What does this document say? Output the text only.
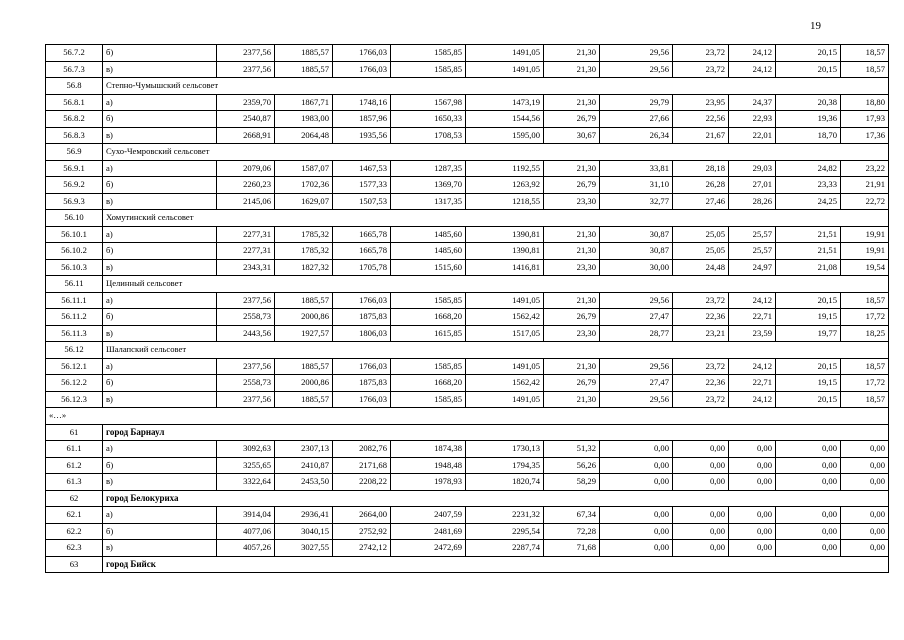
19
56.7.2	б)	2377,56	1885,57	1766,03	1585,85	1491,05	21,30	29,56	23,72	24,12	20,15	18,57
56.7.3	в)	2377,56	1885,57	1766,03	1585,85	1491,05	21,30	29,56	23,72	24,12	20,15	18,57
56.8	Степно-Чумышский сельсовет											
56.8.1	а)	2359,70	1867,71	1748,16	1567,98	1473,19	21,30	29,79	23,95	24,37	20,38	18,80
56.8.2	б)	2540,87	1983,00	1857,96	1650,33	1544,56	26,79	27,66	22,56	22,93	19,36	17,93
56.8.3	в)	2668,91	2064,48	1935,56	1708,53	1595,00	30,67	26,34	21,67	22,01	18,70	17,36
56.9	Сухо-Чемровский сельсовет											
56.9.1	а)	2079,06	1587,07	1467,53	1287,35	1192,55	21,30	33,81	28,18	29,03	24,82	23,22
56.9.2	б)	2260,23	1702,36	1577,33	1369,70	1263,92	26,79	31,10	26,28	27,01	23,33	21,91
56.9.3	в)	2145,06	1629,07	1507,53	1317,35	1218,55	23,30	32,77	27,46	28,26	24,25	22,72
56.10	Хомутинский сельсовет											
56.10.1	а)	2277,31	1785,32	1665,78	1485,60	1390,81	21,30	30,87	25,05	25,57	21,51	19,91
56.10.2	б)	2277,31	1785,32	1665,78	1485,60	1390,81	21,30	30,87	25,05	25,57	21,51	19,91
56.10.3	в)	2343,31	1827,32	1705,78	1515,60	1416,81	23,30	30,00	24,48	24,97	21,08	19,54
56.11	Целинный сельсовет											
56.11.1	а)	2377,56	1885,57	1766,03	1585,85	1491,05	21,30	29,56	23,72	24,12	20,15	18,57
56.11.2	б)	2558,73	2000,86	1875,83	1668,20	1562,42	26,79	27,47	22,36	22,71	19,15	17,72
56.11.3	в)	2443,56	1927,57	1806,03	1615,85	1517,05	23,30	28,77	23,21	23,59	19,77	18,25
56.12	Шалапский сельсовет											
56.12.1	а)	2377,56	1885,57	1766,03	1585,85	1491,05	21,30	29,56	23,72	24,12	20,15	18,57
56.12.2	б)	2558,73	2000,86	1875,83	1668,20	1562,42	26,79	27,47	22,36	22,71	19,15	17,72
56.12.3	в)	2377,56	1885,57	1766,03	1585,85	1491,05	21,30	29,56	23,72	24,12	20,15	18,57
«…»												
61	город Барнаул											
61.1	а)	3092,63	2307,13	2082,76	1874,38	1730,13	51,32	0,00	0,00	0,00	0,00	0,00
61.2	б)	3255,65	2410,87	2171,68	1948,48	1794,35	56,26	0,00	0,00	0,00	0,00	0,00
61.3	в)	3322,64	2453,50	2208,22	1978,93	1820,74	58,29	0,00	0,00	0,00	0,00	0,00
62	город Белокуриха											
62.1	а)	3914,04	2936,41	2664,00	2407,59	2231,32	67,34	0,00	0,00	0,00	0,00	0,00
62.2	б)	4077,06	3040,15	2752,92	2481,69	2295,54	72,28	0,00	0,00	0,00	0,00	0,00
62.3	в)	4057,26	3027,55	2742,12	2472,69	2287,74	71,68	0,00	0,00	0,00	0,00	0,00
63	город Бийск											
